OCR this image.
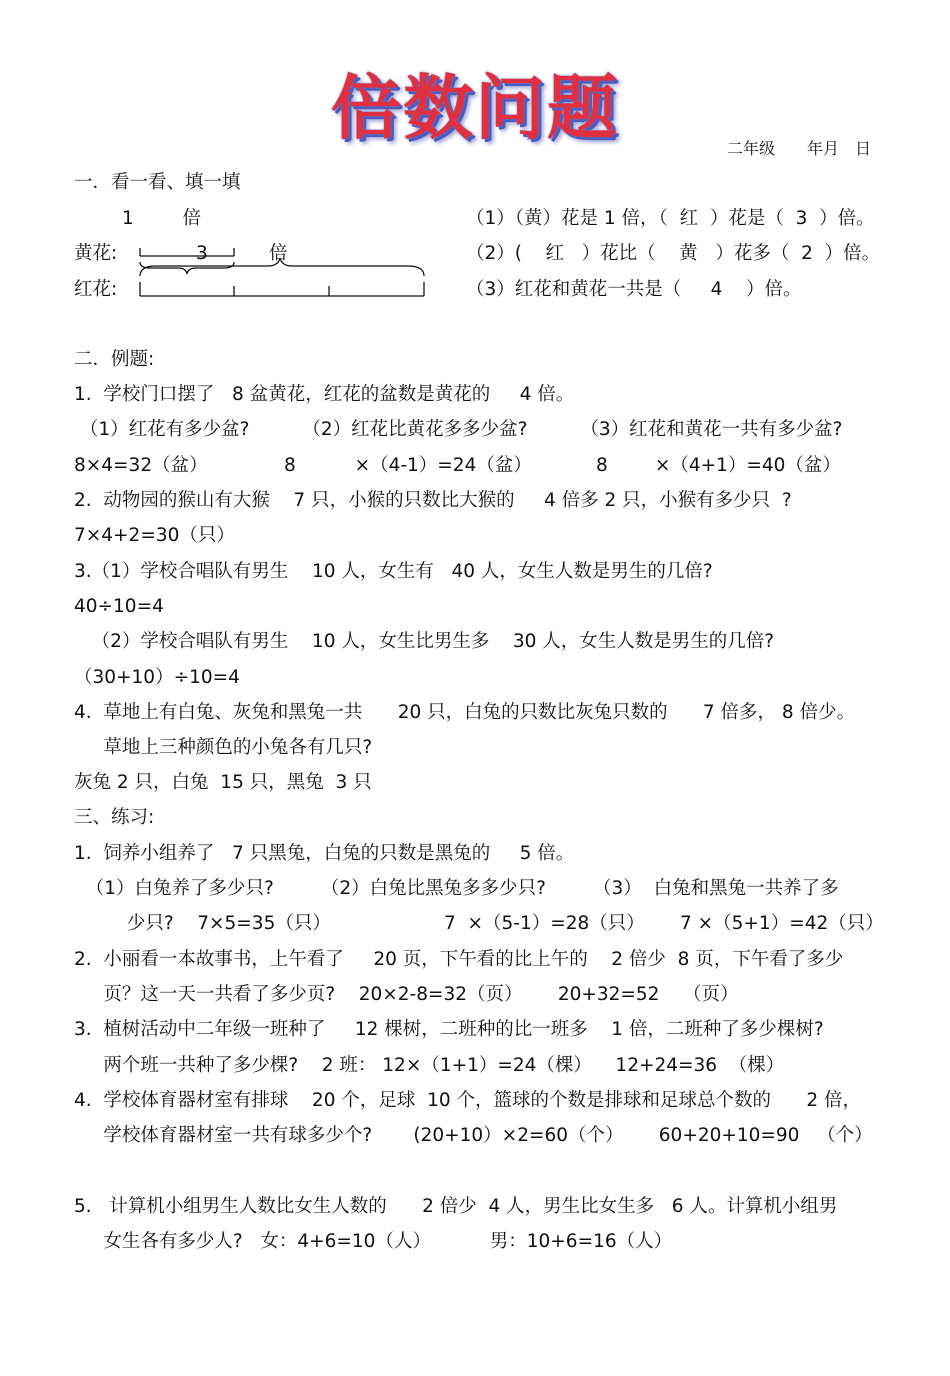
倍数问题	二年级　　年月　日
一．看一看、填一填
1　　  倍
黄花:	3	倍
红花:
（1）（黄）花是 1 倍，（  红  ）花是（  3  ）倍。
（2）(    红   ）花比（    黄   ）花多（  2  ）倍。
（3）红花和黄花一共是（     4    ）倍。
二．例题:
1.  学校门口摆了   8 盆黄花，红花的盆数是黄花的     4 倍。
（1）红花有多少盆?         （2）红花比黄花多多少盆?         （3）红花和黄花一共有多少盆?
8×4=32（盆）	8          ×（4-1）=24（盆）	8        ×（4+1）=40（盆）
2.  动物园的猴山有大猴    7 只，小猴的只数比大猴的     4 倍多 2 只，小猴有多少只  ?
7×4+2=30（只）
3.（1）学校合唱队有男生    10 人，女生有   40 人，女生人数是男生的几倍?
40÷10=4
（2）学校合唱队有男生    10 人，女生比男生多    30 人，女生人数是男生的几倍?
（30+10）÷10=4
4.  草地上有白兔、灰兔和黑兔一共      20 只，白兔的只数比灰兔只数的      7 倍多， 8 倍少。
草地上三种颜色的小兔各有几只?
灰兔 2 只，白兔  15 只，黑兔  3 只
三、练习:
1.  饲养小组养了   7 只黑兔，白兔的只数是黑兔的     5 倍。
（1）白兔养了多少只?        （2）白兔比黑兔多多少只?        （3）  白兔和黑兔一共养了多
少只?    7×5=35（只）	7  ×（5-1）=28（只） 7 ×（5+1）=42（只）
2.  小丽看一本故事书，上午看了     20 页，下午看的比上午的    2 倍少  8 页，下午看了多少
页？这一天一共看了多少页?    20×2-8=32（页）      20+32=52    （页）
3.  植树活动中二年级一班种了     12 棵树，二班种的比一班多    1 倍，二班种了多少棵树?
两个班一共种了多少棵?    2 班： 12×（1+1）=24（棵）    12+24=36  （棵）
4.  学校体育器材室有排球    20 个，足球  10 个，篮球的个数是排球和足球总个数的      2 倍，
学校体育器材室一共有球多少个?       (20+10）×2=60（个）      60+20+10=90   （个）
5.   计算机小组男生人数比女生人数的      2 倍少  4 人，男生比女生多   6 人。计算机小组男
女生各有多少人?   女：4+6=10（人）          男：10+6=16（人）
